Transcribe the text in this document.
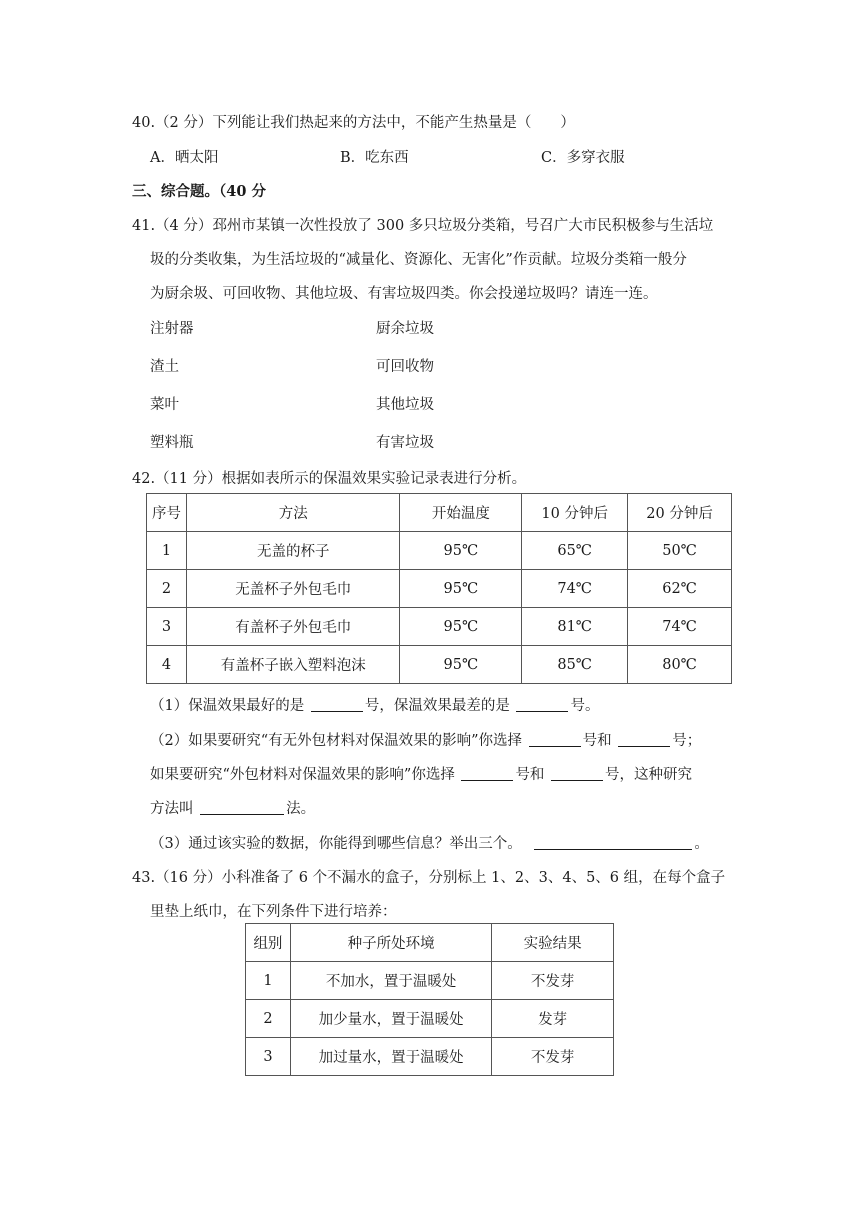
40.（2 分）下列能让我们热起来的方法中，不能产生热量是（　　）
A．晒太阳	B．吃东西	C．多穿衣服
三、综合题。（40 分
41.（4 分）邳州市某镇一次性投放了 300 多只垃圾分类箱，号召广大市民积极参与生活垃
圾的分类收集，为生活垃圾的“减量化、资源化、无害化”作贡献。垃圾分类箱一般分
为厨余圾、可回收物、其他垃圾、有害垃圾四类。你会投递垃圾吗？请连一连。
注射器
渣土
菜叶
塑料瓶
厨余垃圾
可回收物
其他垃圾
有害垃圾
42.（11 分）根据如表所示的保温效果实验记录表进行分析。
序号	方法	开始温度	10 分钟后	20 分钟后
1	无盖的杯子	95℃	65℃	50℃
2	无盖杯子外包毛巾	95℃	74℃	62℃
3	有盖杯子外包毛巾	95℃	81℃	74℃
4	有盖杯子嵌入塑料泡沫	95℃	85℃	80℃
（1）保温效果最好的是	号，保温效果最差的是	号。
（2）如果要研究“有无外包材料对保温效果的影响”你选择	号和	号；
如果要研究“外包材料对保温效果的影响”你选择	号和	号，这种研究
方法叫	法。
（3）通过该实验的数据，你能得到哪些信息？举出三个。	。
43.（16 分）小科准备了 6 个不漏水的盒子，分别标上 1、2、3、4、5、6 组，在每个盒子
里垫上纸巾，在下列条件下进行培养：
组别	种子所处环境	实验结果
1	不加水，置于温暖处	不发芽
2	加少量水，置于温暖处	发芽
3	加过量水，置于温暖处	不发芽
